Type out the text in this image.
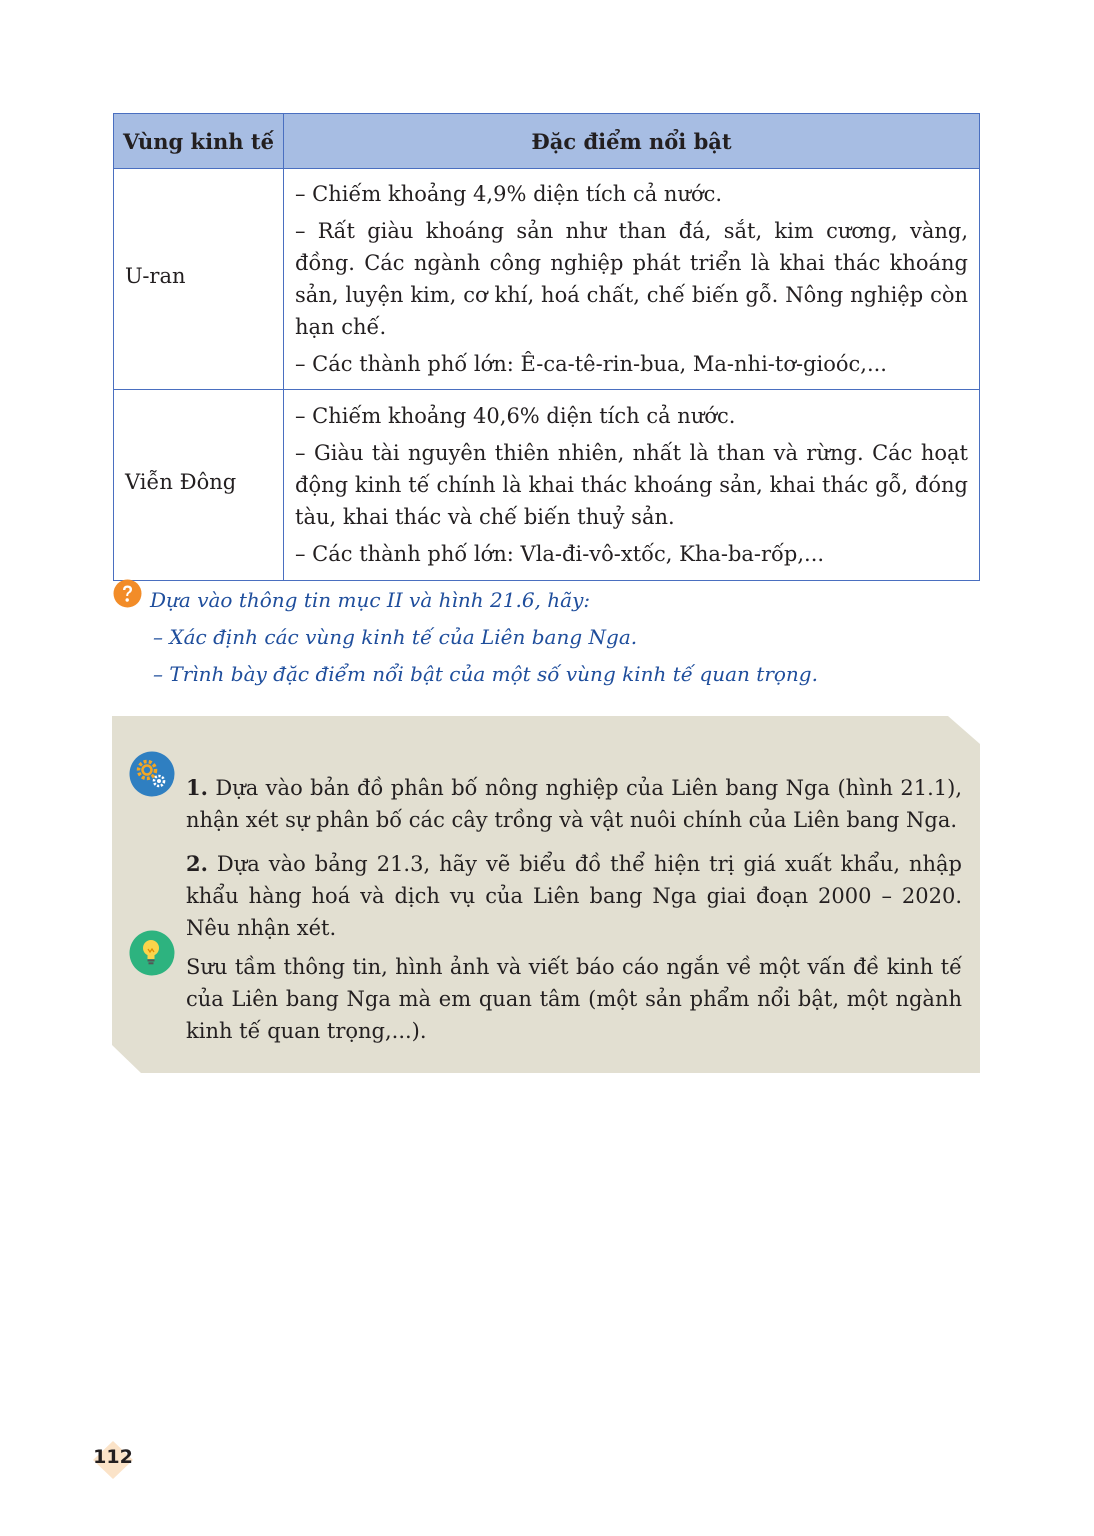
Vùng kinh tế	Đặc điểm nổi bật
U-ran	– Chiếm khoảng 4,9% diện tích cả nước.

– Rất giàu khoáng sản như than đá, sắt, kim cương, vàng, đồng. Các ngành công nghiệp phát triển là khai thác khoáng sản, luyện kim, cơ khí, hoá chất, chế biến gỗ. Nông nghiệp còn hạn chế.

– Các thành phố lớn: Ê-ca-tê-rin-bua, Ma-nhi-tơ-gioóc,...

Viễn Đông	– Chiếm khoảng 40,6% diện tích cả nước.

– Giàu tài nguyên thiên nhiên, nhất là than và rừng. Các hoạt động kinh tế chính là khai thác khoáng sản, khai thác gỗ, đóng tàu, khai thác và chế biến thuỷ sản.

– Các thành phố lớn: Vla-đi-vô-xtốc, Kha-ba-rốp,...

Dựa vào thông tin mục II và hình 21.6, hãy:
– Xác định các vùng kinh tế của Liên bang Nga.
– Trình bày đặc điểm nổi bật của một số vùng kinh tế quan trọng.
1. Dựa vào bản đồ phân bố nông nghiệp của Liên bang Nga (hình 21.1), nhận xét sự phân bố các cây trồng và vật nuôi chính của Liên bang Nga.
2. Dựa vào bảng 21.3, hãy vẽ biểu đồ thể hiện trị giá xuất khẩu, nhập khẩu hàng hoá và dịch vụ của Liên bang Nga giai đoạn 2000 – 2020. Nêu nhận xét.
Sưu tầm thông tin, hình ảnh và viết báo cáo ngắn về một vấn đề kinh tế của Liên bang Nga mà em quan tâm (một sản phẩm nổi bật, một ngành kinh tế quan trọng,...).
112
